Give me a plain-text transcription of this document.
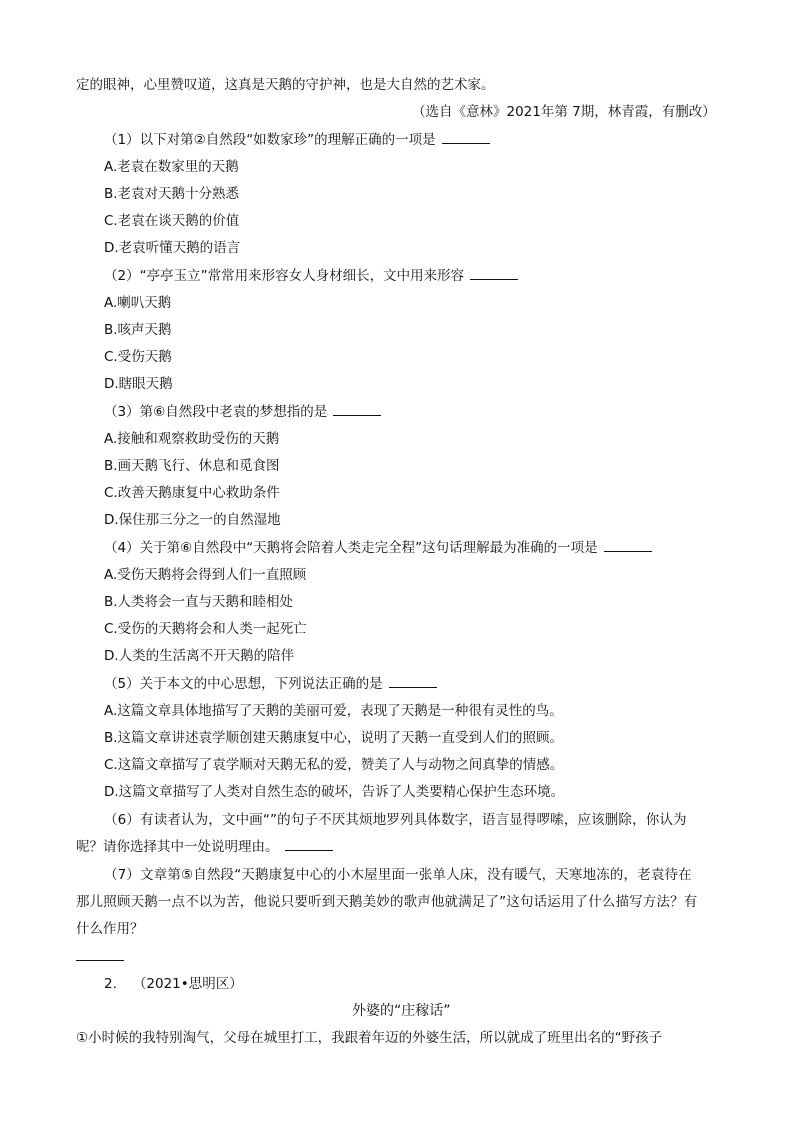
定的眼神，心里赞叹道，这真是天鹅的守护神，也是大自然的艺术家。
（选自《意林》2021年第 7期，林青霞，有删改）
（1）以下对第②自然段“如数家珍”的理解正确的一项是
A.老袁在数家里的天鹅
B.老袁对天鹅十分熟悉
C.老袁在谈天鹅的价值
D.老袁听懂天鹅的语言
（2）“亭亭玉立”常常用来形容女人身材细长，文中用来形容
A.喇叭天鹅
B.咳声天鹅
C.受伤天鹅
D.瞎眼天鹅
（3）第⑥自然段中老袁的梦想指的是
A.接触和观察救助受伤的天鹅
B.画天鹅飞行、休息和觅食图
C.改善天鹅康复中心救助条件
D.保住那三分之一的自然湿地
（4）关于第⑥自然段中“天鹅将会陪着人类走完全程”这句话理解最为准确的一项是
A.受伤天鹅将会得到人们一直照顾
B.人类将会一直与天鹅和睦相处
C.受伤的天鹅将会和人类一起死亡
D.人类的生活离不开天鹅的陪伴
（5）关于本文的中心思想，下列说法正确的是
A.这篇文章具体地描写了天鹅的美丽可爱，表现了天鹅是一种很有灵性的鸟。
B.这篇文章讲述袁学顺创建天鹅康复中心，说明了天鹅一直受到人们的照顾。
C.这篇文章描写了袁学顺对天鹅无私的爱，赞美了人与动物之间真挚的情感。
D.这篇文章描写了人类对自然生态的破坏，告诉了人类要精心保护生态环境。
（6）有读者认为，文中画“”的句子不厌其烦地罗列具体数字，语言显得啰嗦，应该删除，你认为
呢？请你选择其中一处说明理由。
（7）文章第⑤自然段“天鹅康复中心的小木屋里面一张单人床，没有暖气，天寒地冻的，老袁待在
那儿照顾天鹅一点不以为苦，他说只要听到天鹅美妙的歌声他就满足了”这句话运用了什么描写方法？有
什么作用？
2. （2021•思明区）
外婆的“庄稼话”
①小时候的我特别淘气，父母在城里打工，我跟着年迈的外婆生活，所以就成了班里出名的“野孩子
